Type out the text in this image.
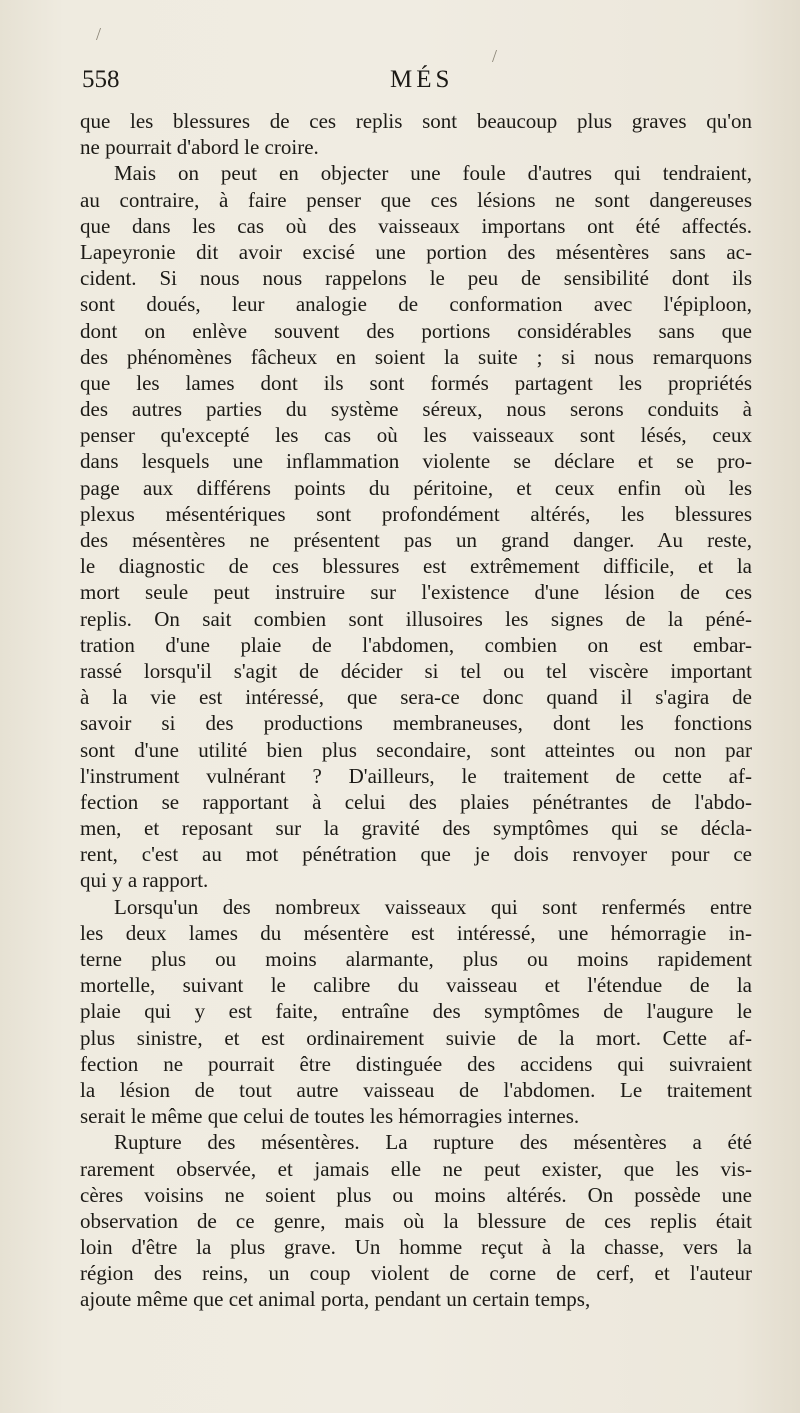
558	MÉS
que les blessures de ces replis sont beaucoup plus graves qu'on
ne pourrait d'abord le croire.
Mais on peut en objecter une foule d'autres qui tendraient,
au contraire, à faire penser que ces lésions ne sont dangereuses
que dans les cas où des vaisseaux importans ont été affectés.
Lapeyronie dit avoir excisé une portion des mésentères sans ac-
cident. Si nous nous rappelons le peu de sensibilité dont ils
sont doués, leur analogie de conformation avec l'épiploon,
dont on enlève souvent des portions considérables sans que
des phénomènes fâcheux en soient la suite ; si nous remarquons
que les lames dont ils sont formés partagent les propriétés
des autres parties du système séreux, nous serons conduits à
penser qu'excepté les cas où les vaisseaux sont lésés, ceux
dans lesquels une inflammation violente se déclare et se pro-
page aux différens points du péritoine, et ceux enfin où les
plexus mésentériques sont profondément altérés, les blessures
des mésentères ne présentent pas un grand danger. Au reste,
le diagnostic de ces blessures est extrêmement difficile, et la
mort seule peut instruire sur l'existence d'une lésion de ces
replis. On sait combien sont illusoires les signes de la péné-
tration d'une plaie de l'abdomen, combien on est embar-
rassé lorsqu'il s'agit de décider si tel ou tel viscère important
à la vie est intéressé, que sera-ce donc quand il s'agira de
savoir si des productions membraneuses, dont les fonctions
sont d'une utilité bien plus secondaire, sont atteintes ou non par
l'instrument vulnérant ? D'ailleurs, le traitement de cette af-
fection se rapportant à celui des plaies pénétrantes de l'abdo-
men, et reposant sur la gravité des symptômes qui se décla-
rent, c'est au mot pénétration que je dois renvoyer pour ce
qui y a rapport.
Lorsqu'un des nombreux vaisseaux qui sont renfermés entre
les deux lames du mésentère est intéressé, une hémorragie in-
terne plus ou moins alarmante, plus ou moins rapidement
mortelle, suivant le calibre du vaisseau et l'étendue de la
plaie qui y est faite, entraîne des symptômes de l'augure le
plus sinistre, et est ordinairement suivie de la mort. Cette af-
fection ne pourrait être distinguée des accidens qui suivraient
la lésion de tout autre vaisseau de l'abdomen. Le traitement
serait le même que celui de toutes les hémorragies internes.
Rupture des mésentères. La rupture des mésentères a été
rarement observée, et jamais elle ne peut exister, que les vis-
cères voisins ne soient plus ou moins altérés. On possède une
observation de ce genre, mais où la blessure de ces replis était
loin d'être la plus grave. Un homme reçut à la chasse, vers la
région des reins, un coup violent de corne de cerf, et l'auteur
ajoute même que cet animal porta, pendant un certain temps,
/
/
